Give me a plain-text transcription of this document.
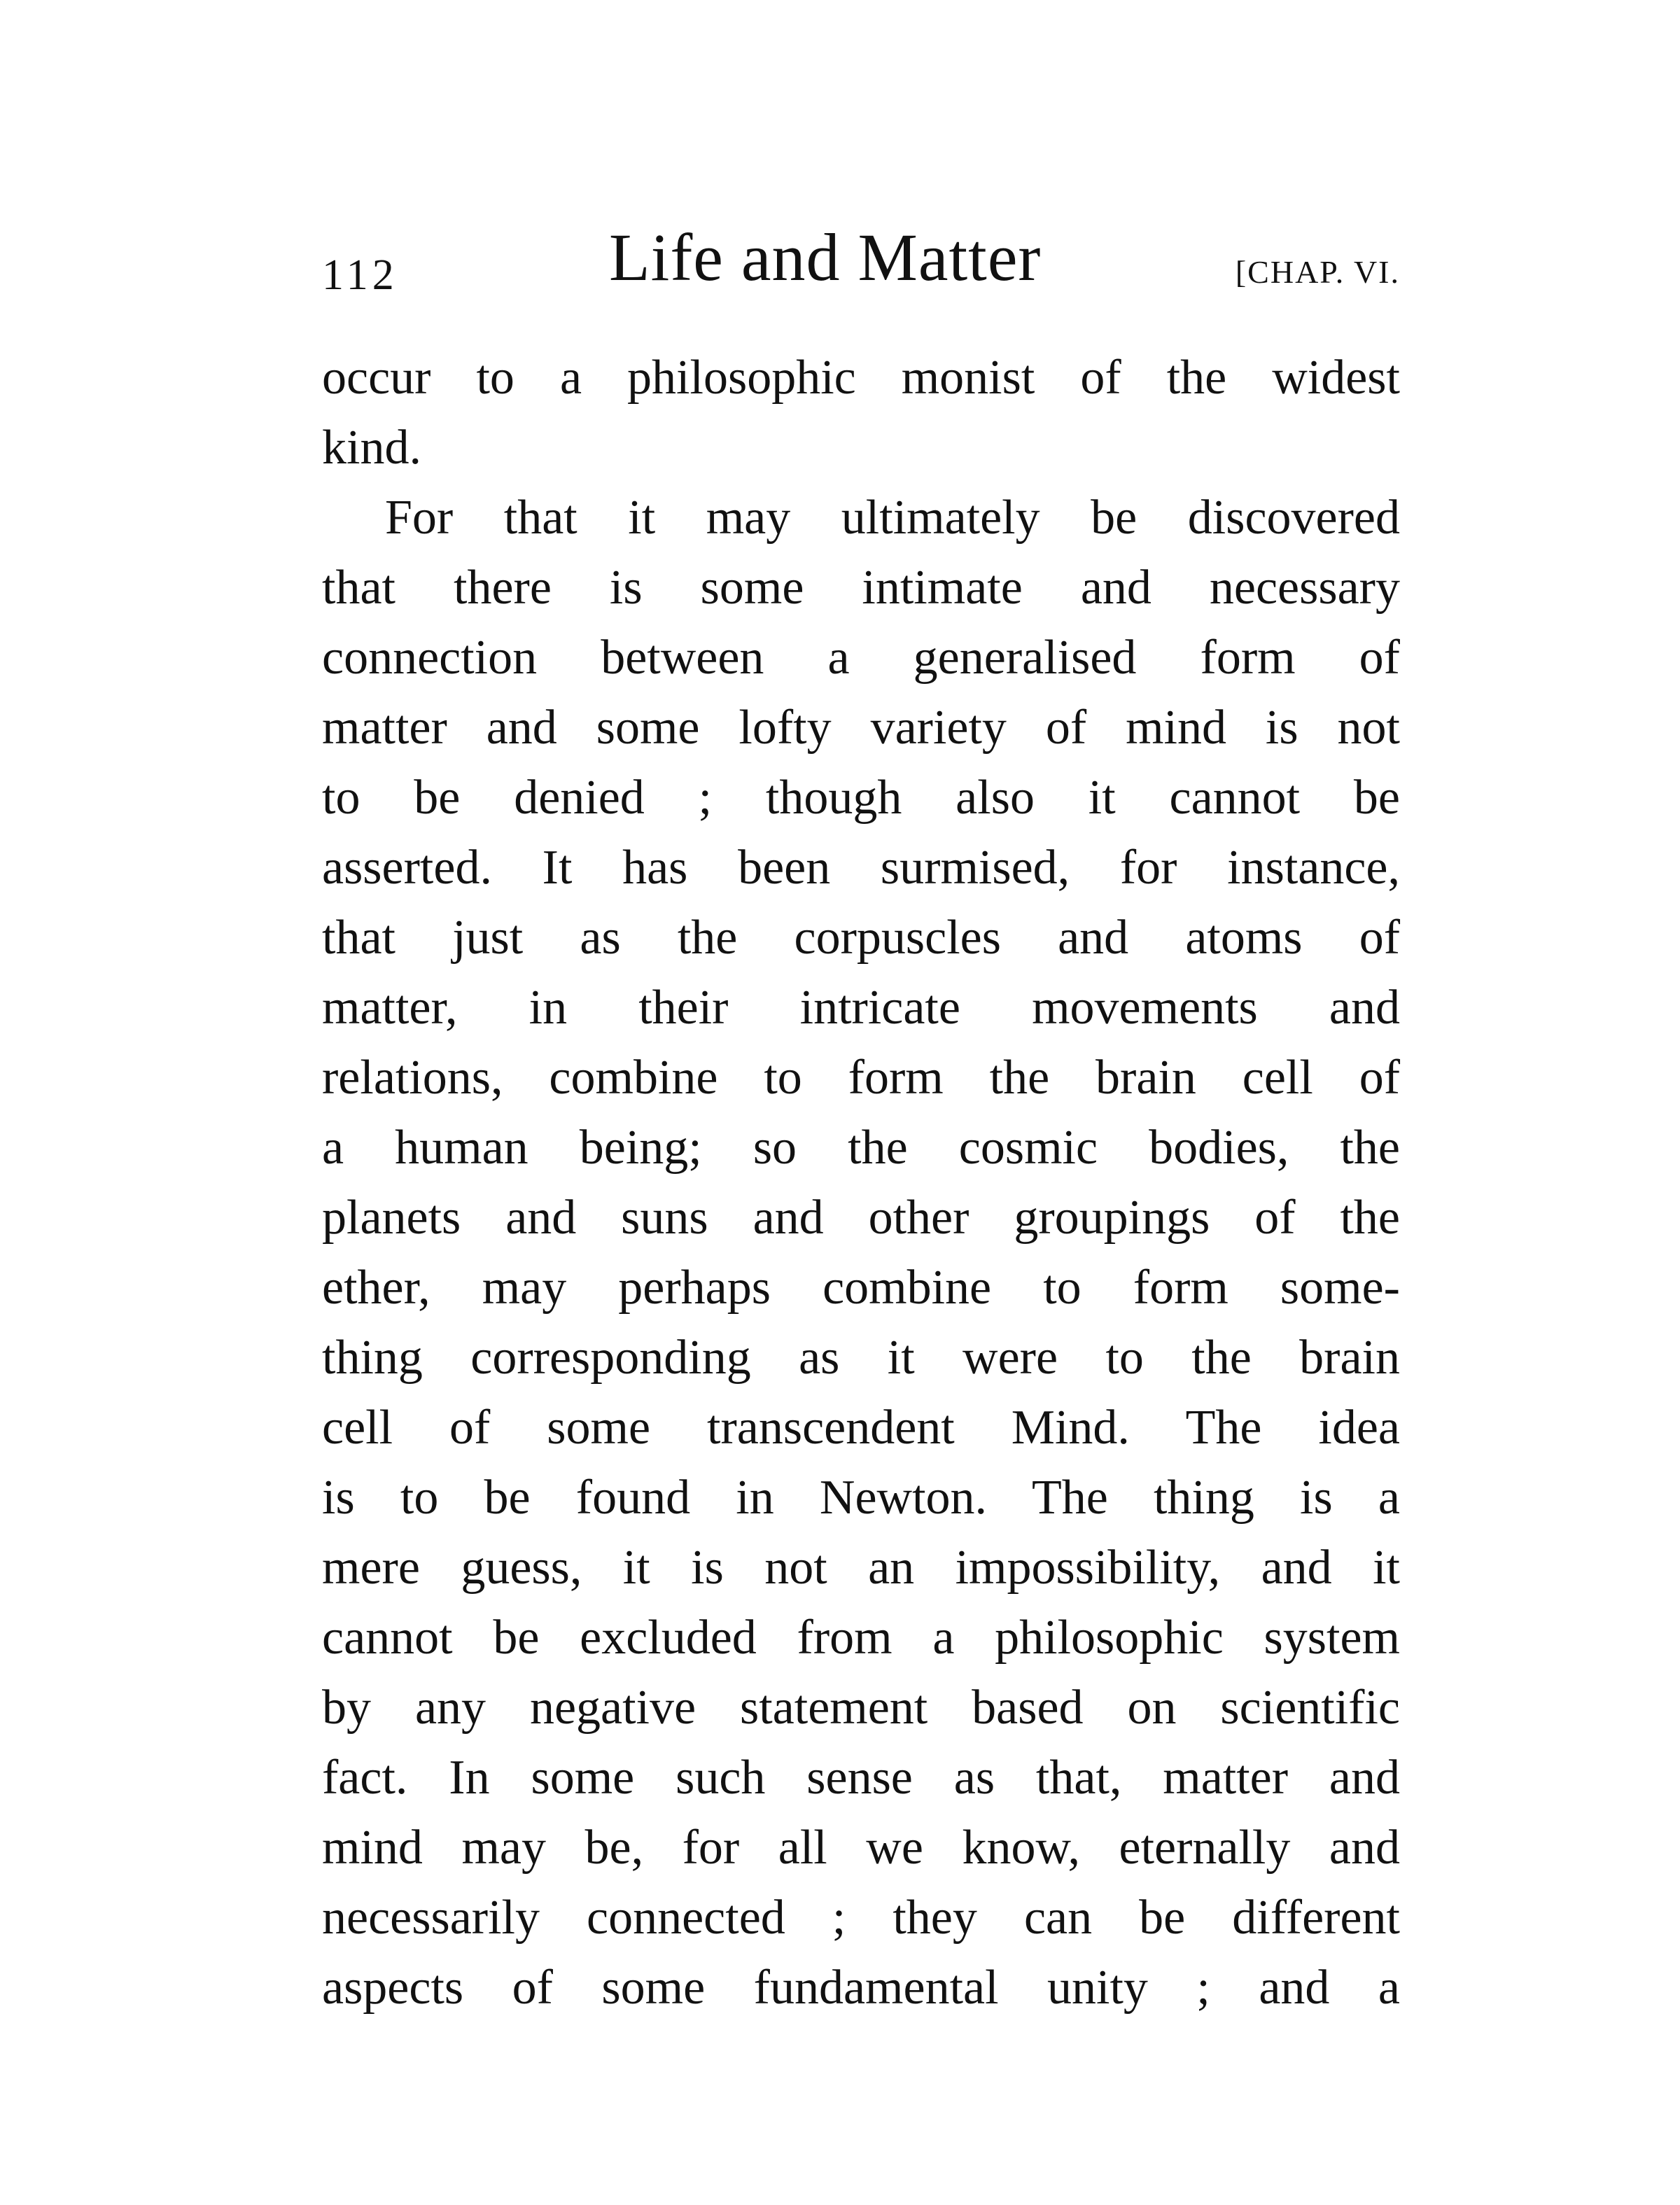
112	Life and Matter	[CHAP. VI.
occur to a philosophic monist of the widest
kind.
For that it may ultimately be discovered
that there is some intimate and necessary
connection between a generalised form of
matter and some lofty variety of mind is not
to be denied ; though also it cannot be
asserted. It has been surmised, for instance,
that just as the corpuscles and atoms of
matter, in their intricate movements and
relations, combine to form the brain cell of
a human being; so the cosmic bodies, the
planets and suns and other groupings of the
ether, may perhaps combine to form some-
thing corresponding as it were to the brain
cell of some transcendent Mind. The idea
is to be found in Newton. The thing is a
mere guess, it is not an impossibility, and it
cannot be excluded from a philosophic system
by any negative statement based on scientific
fact. In some such sense as that, matter and
mind may be, for all we know, eternally and
necessarily connected ; they can be different
aspects of some fundamental unity ; and a
